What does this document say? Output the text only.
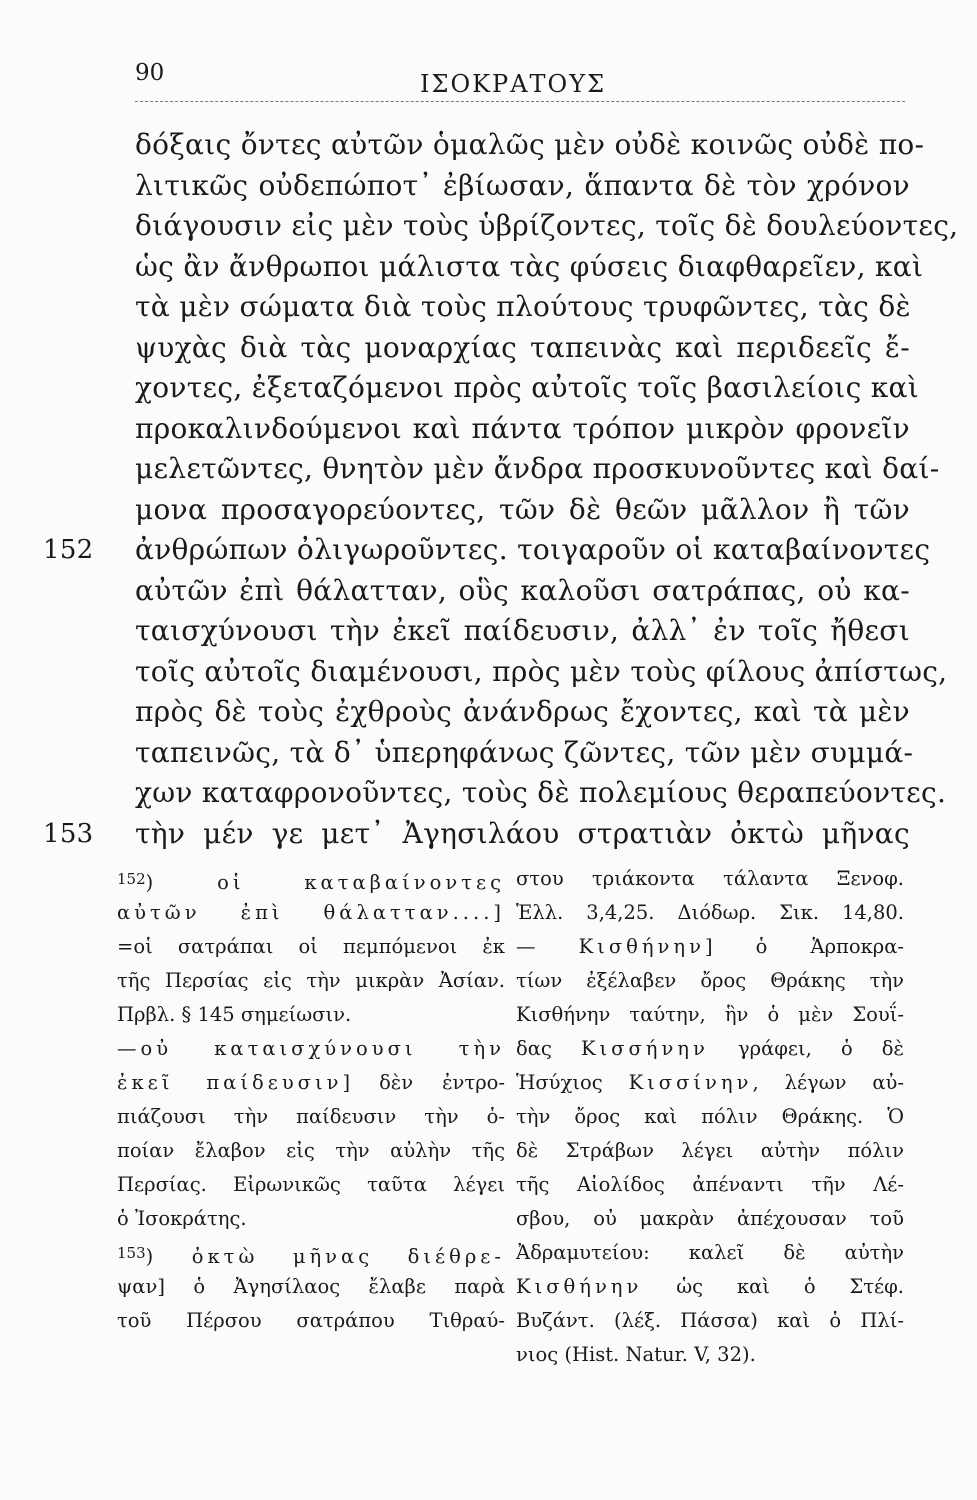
90	ΙΣΟΚΡΑΤΟΥΣ
δόξαις ὄντες αὐτῶν ὁμαλῶς μὲν οὐδὲ κοινῶς οὐδὲ πο-
λιτικῶς οὐδεπώποτ᾽ ἐβίωσαν, ἅπαντα δὲ τὸν χρόνον
διάγουσιν εἰς μὲν τοὺς ὑβρίζοντες, τοῖς δὲ δουλεύοντες,
ὡς ἂν ἄνθρωποι μάλιστα τὰς φύσεις διαφθαρεῖεν, καὶ
τὰ μὲν σώματα διὰ τοὺς πλούτους τρυφῶντες, τὰς δὲ
ψυχὰς διὰ τὰς μοναρχίας ταπεινὰς καὶ περιδεεῖς ἔ-
χοντες, ἐξεταζόμενοι πρὸς αὐτοῖς τοῖς βασιλείοις καὶ
προκαλινδούμενοι καὶ πάντα τρόπον μικρὸν φρονεῖν
μελετῶντες, θνητὸν μὲν ἄνδρα προσκυνοῦντες καὶ δαί-
μονα προσαγορεύοντες, τῶν δὲ θεῶν μᾶλλον ἢ τῶν
152 ἀνθρώπων ὀλιγωροῦντες. τοιγαροῦν οἱ καταβαίνοντες
αὐτῶν ἐπὶ θάλατταν, οὓς καλοῦσι σατράπας, οὐ κα-
ταισχύνουσι τὴν ἐκεῖ παίδευσιν, ἀλλ᾽ ἐν τοῖς ἤθεσι
τοῖς αὐτοῖς διαμένουσι, πρὸς μὲν τοὺς φίλους ἀπίστως,
πρὸς δὲ τοὺς ἐχθροὺς ἀνάνδρως ἔχοντες, καὶ τὰ μὲν
ταπεινῶς, τὰ δ᾽ ὑπερηφάνως ζῶντες, τῶν μὲν συμμά-
χων καταφρονοῦντες, τοὺς δὲ πολεμίους θεραπεύοντες.
153 τὴν μέν γε μετ᾽ Ἀγησιλάου στρατιὰν ὀκτὼ μῆνας
$^{152}$) οἱ καταβαίνοντες
αὐτῶν ἐπὶ θάλατταν....]
=οἱ σατράπαι οἱ πεμπόμενοι ἐκ
τῆς Περσίας εἰς τὴν μικρὰν Ἀσίαν.
Πρβλ. § 145 σημείωσιν.
—οὐ καταισχύνουσι τὴν
ἐκεῖ παίδευσιν] δὲν ἐντρο-
πιάζουσι τὴν παίδευσιν τὴν ὁ-
ποίαν ἔλαβον εἰς τὴν αὐλὴν τῆς
Περσίας. Εἰρωνικῶς ταῦτα λέγει
ὁ Ἰσοκράτης.
$^{153}$) ὀκτὼ μῆνας διέθρε-
ψαν] ὁ Ἀγησίλαος ἔλαβε παρὰ
τοῦ Πέρσου σατράπου Τιθραύ-
στου τριάκοντα τάλαντα Ξενοφ.
Ἑλλ. 3,4,25. Διόδωρ. Σικ. 14,80.
— Κισθήνην] ὁ Ἁρποκρα-
τίων ἐξέλαβεν ὄρος Θράκης τὴν
Κισθήνην ταύτην, ἣν ὁ μὲν Σουΐ-
δας Κισσήνην γράφει, ὁ δὲ
Ἡσύχιος Κισσίνην, λέγων αὐ-
τὴν ὄρος καὶ πόλιν Θράκης. Ὁ
δὲ Στράβων λέγει αὐτὴν πόλιν
τῆς Αἰολίδος ἀπέναντι τῆν Λέ-
σβου, οὐ μακρὰν ἀπέχουσαν τοῦ
Ἀδραμυτείου: καλεῖ δὲ αὐτὴν
Κισθήνην ὡς καὶ ὁ Στέφ.
Βυζάντ. (λέξ. Πάσσα) καὶ ὁ Πλί-
νιος (Hist. Natur. V, 32).
